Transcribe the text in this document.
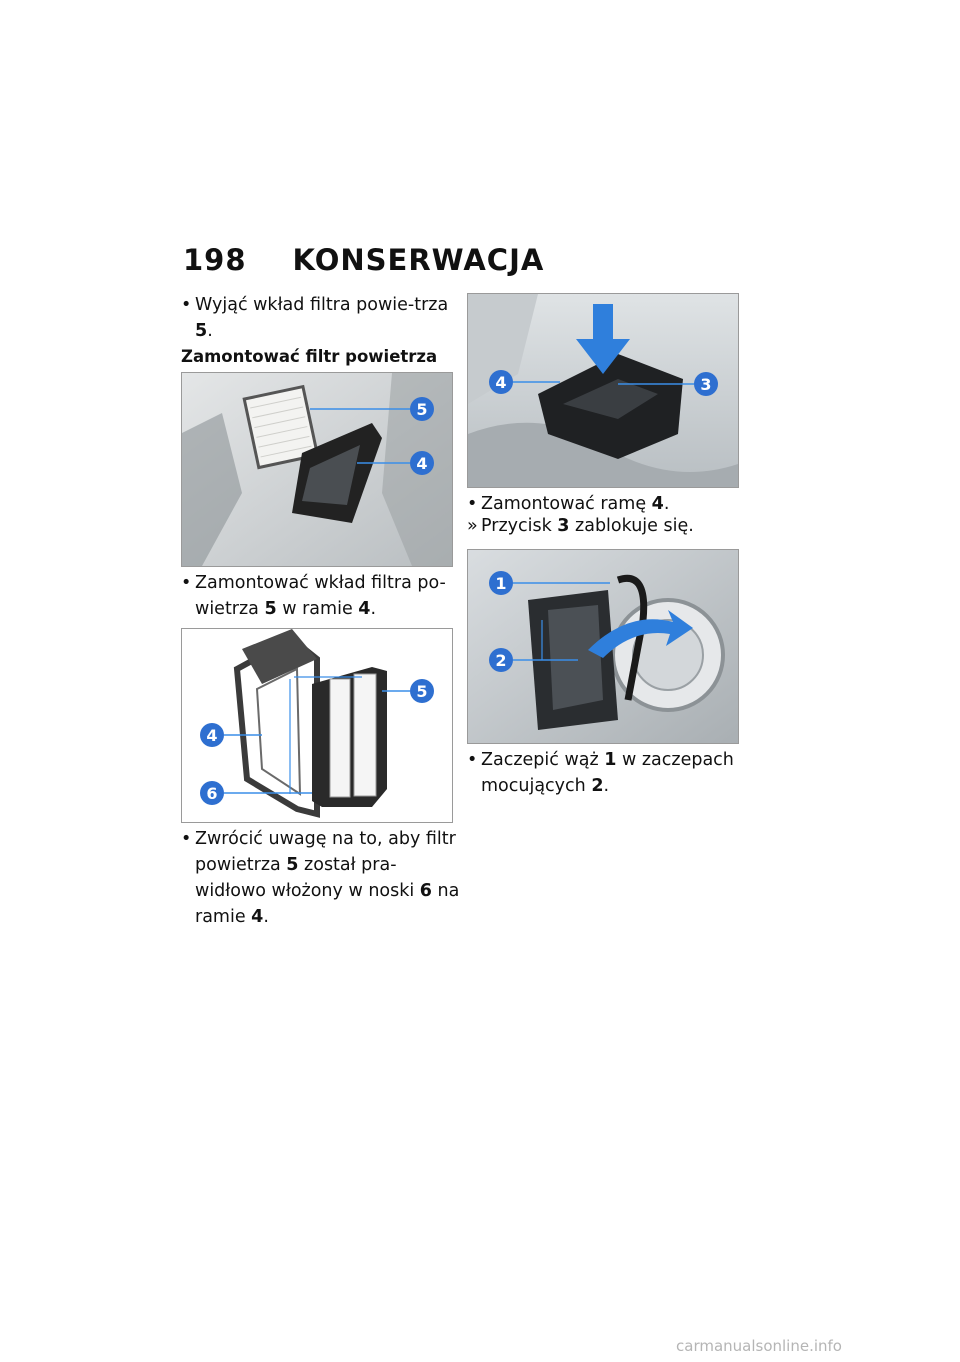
198 KONSERWACJA
• Wyjąć wkład filtra powie-trza 5.
Zamontować filtr powietrza
5
4
• Zamontować wkład filtra po-wietrza 5 w ramie 4.
5
4
6
• Zwrócić uwagę na to, aby filtr powietrza 5 został pra-widłowo włożony w noski 6 na ramie 4.
4	3
• Zamontować ramę 4.
» Przycisk 3 zablokuje się.
1
2
• Zaczepić wąż 1 w zaczepach mocujących 2.
carmanualsonline.info
